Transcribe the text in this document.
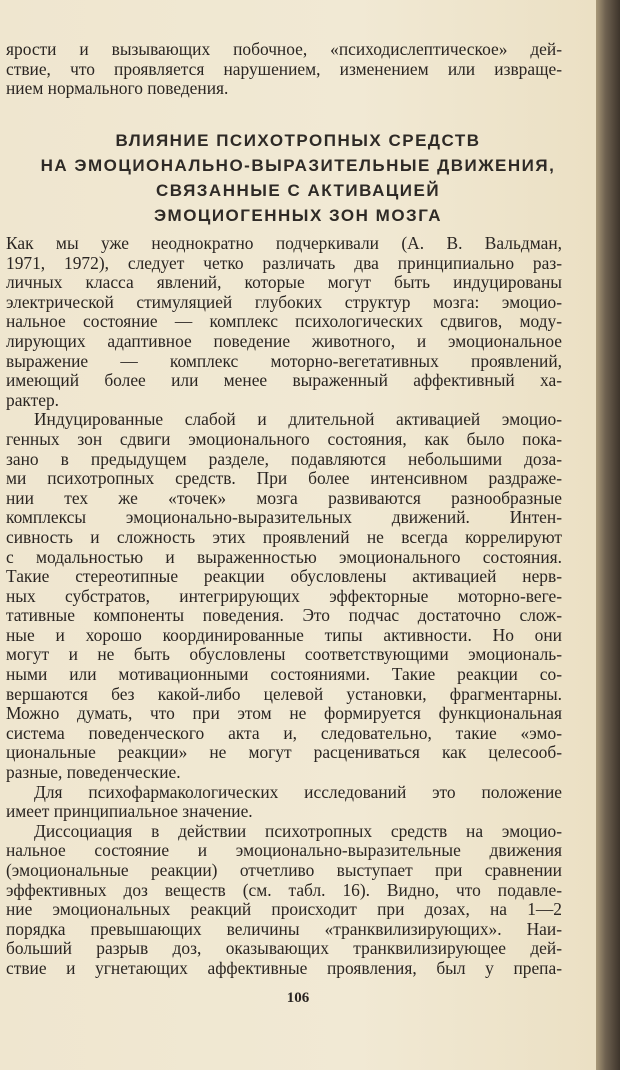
ярости и вызывающих побочное, «психодислептическое» дей-
ствие, что проявляется нарушением, изменением или извраще-
нием нормального поведения.
ВЛИЯНИЕ ПСИХОТРОПНЫХ СРЕДСТВ
НА ЭМОЦИОНАЛЬНО-ВЫРАЗИТЕЛЬНЫЕ ДВИЖЕНИЯ,
СВЯЗАННЫЕ С АКТИВАЦИЕЙ
ЭМОЦИОГЕННЫХ ЗОН МОЗГА
Как мы уже неоднократно подчеркивали (А. В. Вальдман,
1971, 1972), следует четко различать два принципиально раз-
личных класса явлений, которые могут быть индуцированы
электрической стимуляцией глубоких структур мозга: эмоцио-
нальное состояние — комплекс психологических сдвигов, моду-
лирующих адаптивное поведение животного, и эмоциональное
выражение — комплекс моторно-вегетативных проявлений,
имеющий более или менее выраженный аффективный ха-
рактер.
Индуцированные слабой и длительной активацией эмоцио-
генных зон сдвиги эмоционального состояния, как было пока-
зано в предыдущем разделе, подавляются небольшими доза-
ми психотропных средств. При более интенсивном раздраже-
нии тех же «точек» мозга развиваются разнообразные
комплексы эмоционально-выразительных движений. Интен-
сивность и сложность этих проявлений не всегда коррелируют
с модальностью и выраженностью эмоционального состояния.
Такие стереотипные реакции обусловлены активацией нерв-
ных субстратов, интегрирующих эффекторные моторно-веге-
тативные компоненты поведения. Это подчас достаточно слож-
ные и хорошо координированные типы активности. Но они
могут и не быть обусловлены соответствующими эмоциональ-
ными или мотивационными состояниями. Такие реакции со-
вершаются без какой-либо целевой установки, фрагментарны.
Можно думать, что при этом не формируется функциональная
система поведенческого акта и, следовательно, такие «эмо-
циональные реакции» не могут расцениваться как целесооб-
разные, поведенческие.
Для психофармакологических исследований это положение
имеет принципиальное значение.
Диссоциация в действии психотропных средств на эмоцио-
нальное состояние и эмоционально-выразительные движения
(эмоциональные реакции) отчетливо выступает при сравнении
эффективных доз веществ (см. табл. 16). Видно, что подавле-
ние эмоциональных реакций происходит при дозах, на 1—2
порядка превышающих величины «транквилизирующих». Наи-
больший разрыв доз, оказывающих транквилизирующее дей-
ствие и угнетающих аффективные проявления, был у препа-
106
